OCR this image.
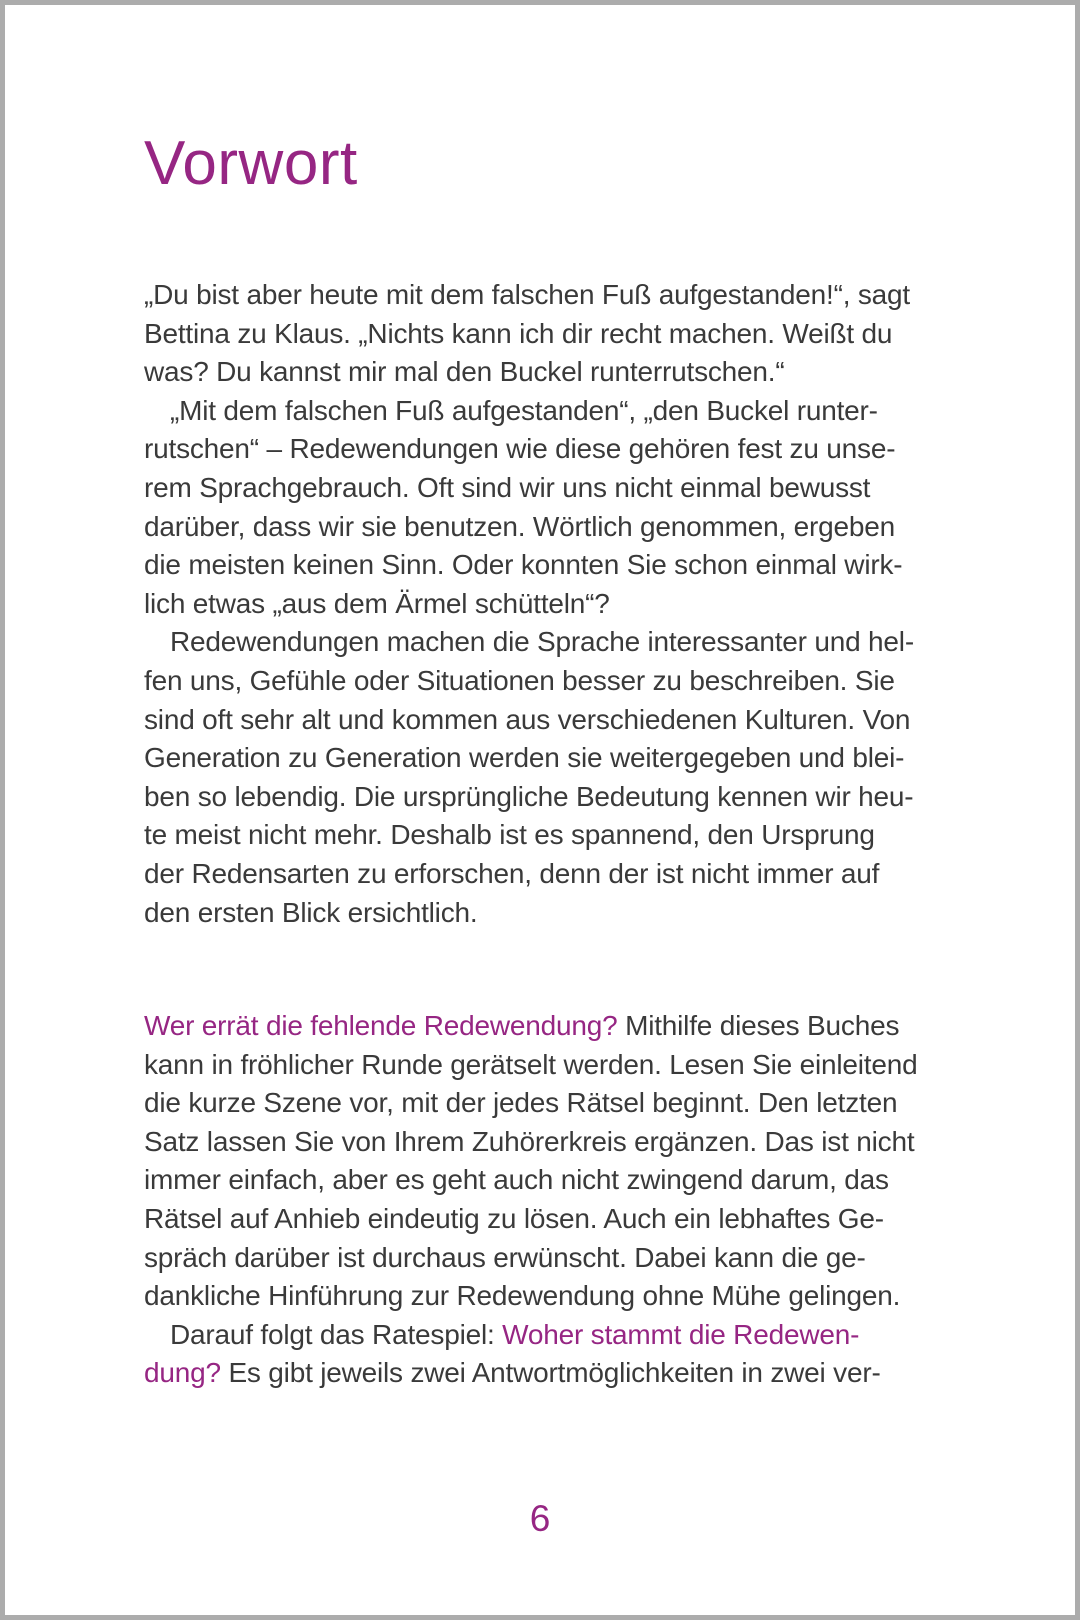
Vorwort
„Du bist aber heute mit dem falschen Fuß aufgestanden!“, sagt
Bettina zu Klaus. „Nichts kann ich dir recht machen. Weißt du
was? Du kannst mir mal den Buckel runterrutschen.“
„Mit dem falschen Fuß aufgestanden“, „den Buckel runter-
rutschen“ – Redewendungen wie diese gehören fest zu unse-
rem Sprachgebrauch. Oft sind wir uns nicht einmal bewusst
darüber, dass wir sie benutzen. Wörtlich genommen, ergeben
die meisten keinen Sinn. Oder konnten Sie schon einmal wirk-
lich etwas „aus dem Ärmel schütteln“?
Redewendungen machen die Sprache interessanter und hel-
fen uns, Gefühle oder Situationen besser zu beschreiben. Sie
sind oft sehr alt und kommen aus verschiedenen Kulturen. Von
Generation zu Generation werden sie weitergegeben und blei-
ben so lebendig. Die ursprüngliche Bedeutung kennen wir heu-
te meist nicht mehr. Deshalb ist es spannend, den Ursprung
der Redensarten zu erforschen, denn der ist nicht immer auf
den ersten Blick ersichtlich.
Wer errät die fehlende Redewendung? Mithilfe dieses Buches
kann in fröhlicher Runde gerätselt werden. Lesen Sie einleitend
die kurze Szene vor, mit der jedes Rätsel beginnt. Den letzten
Satz lassen Sie von Ihrem Zuhörerkreis ergänzen. Das ist nicht
immer einfach, aber es geht auch nicht zwingend darum, das
Rätsel auf Anhieb eindeutig zu lösen. Auch ein lebhaftes Ge-
spräch darüber ist durchaus erwünscht. Dabei kann die ge-
dankliche Hinführung zur Redewendung ohne Mühe gelingen.
Darauf folgt das Ratespiel: Woher stammt die Redewen-
dung? Es gibt jeweils zwei Antwortmöglichkeiten in zwei ver-
6
